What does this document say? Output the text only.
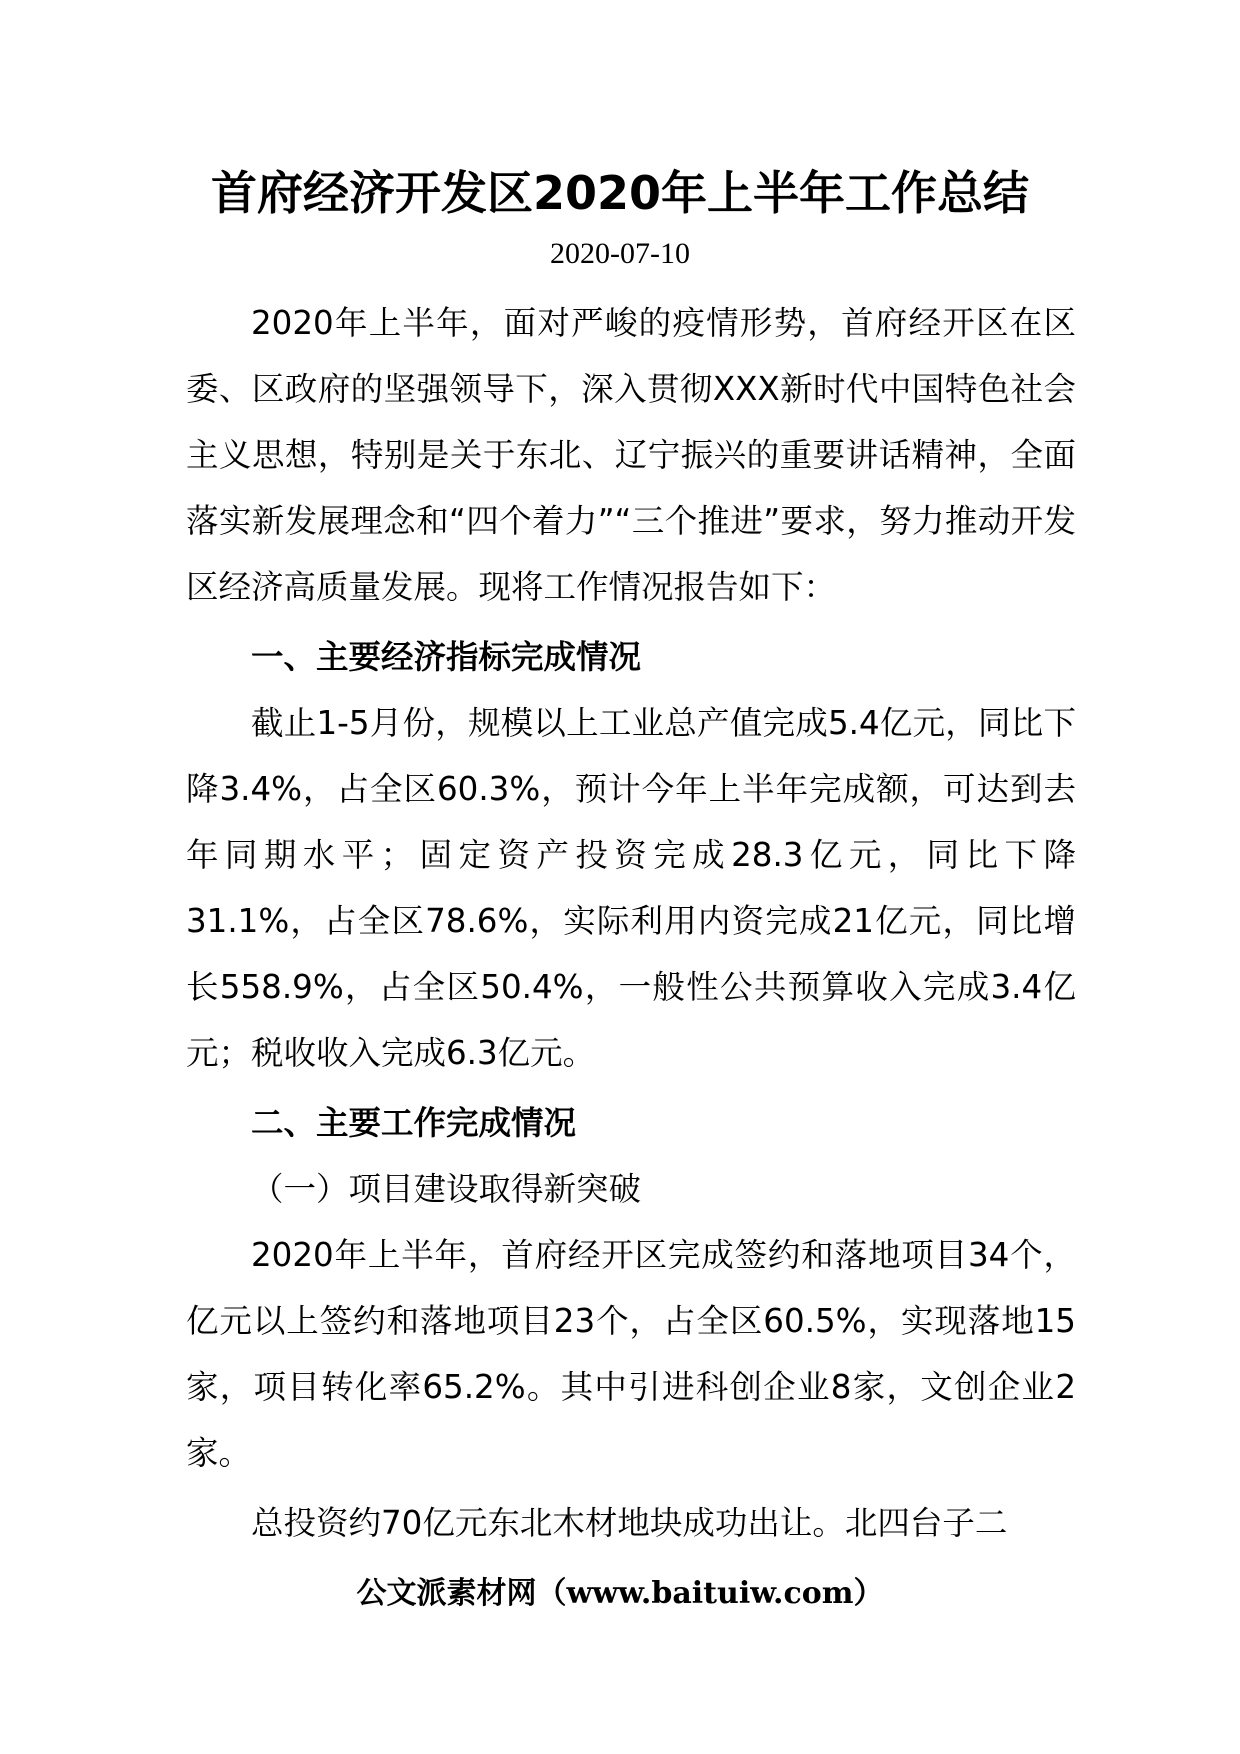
首府经济开发区2020年上半年工作总结
2020-07-10

2020年上半年，面对严峻的疫情形势，首府经开区在区委、区政府的坚强领导下，深入贯彻XXX新时代中国特色社会主义思想，特别是关于东北、辽宁振兴的重要讲话精神，全面落实新发展理念和“四个着力”“三个推进”要求，努力推动开发区经济高质量发展。现将工作情况报告如下：

一、主要经济指标完成情况

截止1-5月份，规模以上工业总产值完成5.4亿元，同比下降3.4%，占全区60.3%，预计今年上半年完成额，可达到去年同期水平；固定资产投资完成28.3亿元，同比下降31.1%，占全区78.6%，实际利用内资完成21亿元，同比增长558.9%，占全区50.4%，一般性公共预算收入完成3.4亿元；税收收入完成6.3亿元。

二、主要工作完成情况

（一）项目建设取得新突破

2020年上半年，首府经开区完成签约和落地项目34个，亿元以上签约和落地项目23个，占全区60.5%，实现落地15家，项目转化率65.2%。其中引进科创企业8家，文创企业2家。

总投资约70亿元东北木材地块成功出让。北四台子二

公文派素材网（www.baituiw.com）
